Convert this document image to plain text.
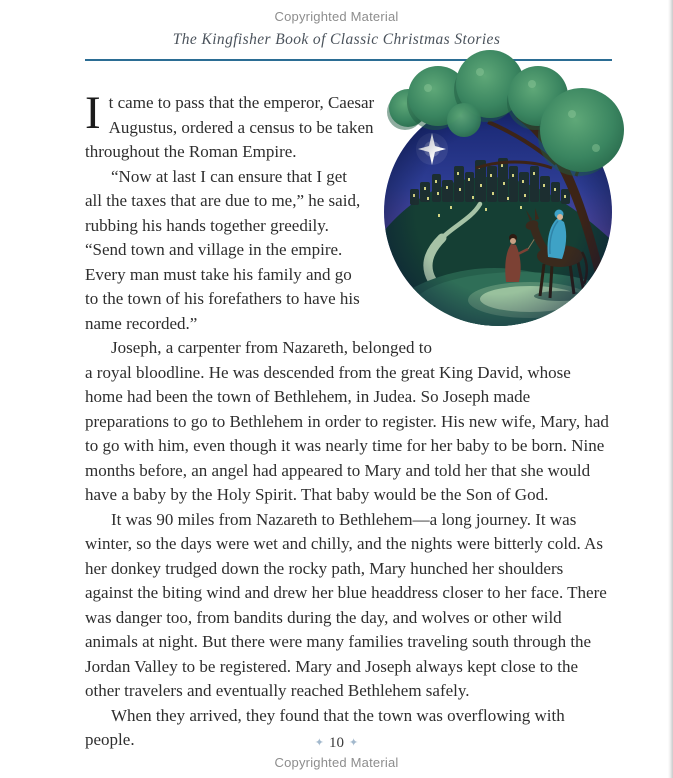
Copyrighted Material
The Kingfisher Book of Classic Christmas Stories

It came to pass that the emperor, Caesar Augustus, ordered a census to be taken throughout the Roman Empire.

“Now at last I can ensure that I get all the taxes that are due to me,” he said, rubbing his hands together greedily. “Send town and village in the empire. Every man must take his family and go to the town of his forefathers to have his name recorded.”

Joseph, a carpenter from Nazareth, belonged to a royal bloodline. He was descended from the great King David, whose home had been the town of Bethlehem, in Judea. So Joseph made preparations to go to Bethlehem in order to register. His new wife, Mary, had to go with him, even though it was nearly time for her baby to be born. Nine months before, an angel had appeared to Mary and told her that she would have a baby by the Holy Spirit. That baby would be the Son of God.

It was 90 miles from Nazareth to Bethlehem—a long journey. It was winter, so the days were wet and chilly, and the nights were bitterly cold. As her donkey trudged down the rocky path, Mary hunched her shoulders against the biting wind and drew her blue headdress closer to her face. There was danger too, from bandits during the day, and wolves or other wild animals at night. But there were many families traveling south through the Jordan Valley to be registered. Mary and Joseph always kept close to the other travelers and eventually reached Bethlehem safely.

When they arrived, they found that the town was overflowing with people.	✦ 10 ✦
Copyrighted Material
